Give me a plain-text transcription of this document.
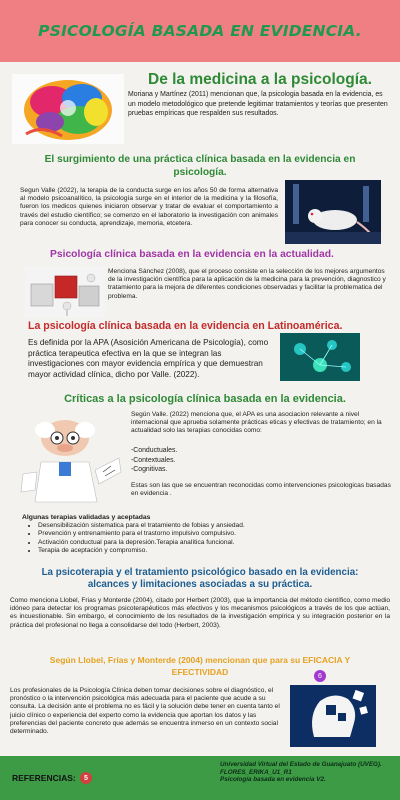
PSICOLOGÍA BASADA EN EVIDENCIA.
De la medicina a la psicología.
Moriana y Martínez (2011) mencionan que, la psicologia basada en la evidencia, es un modelo metodológico que pretende legitimar tratamientos y teorías que presenten pruebas empíricas que respalden sus resultados.
El surgimiento de una práctica clínica basada en la evidencia en psicología.
Segun Valle (2022), la terapia de la conducta surge en los años 50 de forma alternativa al modelo psicoanalítico, la psicología surge en el interior de la medicina y la filosofía, fueron los medicos quienes iniciaron observar y tratar de evaluar el comportamiento a través del estudio científico; se comenzo en el laboratorio la investigación con animales para conocer su conducta, aprendizaje, memoria, etcetera.
Psicología clínica basada en la evidencia en la actualidad.
Menciona Sánchez (2008), que el proceso consiste en la selección de los mejores argumentos de la investigación científica para la aplicación de la medicina para la prevención, diagnostico y tratamiento para la mejora de diferentes condiciones observadas y facilitar la problematica del problema.
La psicología clínica basada en la evidencia en Latinoamérica.
Es definida por la APA (Asosición Americana de Psicología), como práctica terapeutica efectiva en la que se integran las investigaciones con mayor evidencia empírica y que demuestran mayor actividad clínica, dicho por Valle. (2022).
Críticas a la psicología clínica basada en la evidencia.
Según Valle. (2022) menciona que, el APA es una asociacion relevante a nivel internacional que aprueba solamente prácticas eticas y efectivas de tratamiento; en la actualidad solo las terapias conocidas como:
-Conductuales.
-Contextuales.
-Cognitivas.
Estas son las que se encuentran reconocidas como intervenciones psicologicas basadas en evidencia .
Algunas terapias validadas y aceptadas
• Desensibilización sistematica para el tratamiento de fobias y ansiedad.
• Prevención y entrenamiento para el trastorno impulsivo compulsivo.
• Activación conductual para la depresión.Terapia analítica funcional.
• Terapia de aceptación y compromiso.
La psicoterapia y el tratamiento psicológico basado en la evidencia: alcances y limitaciones asociadas a su práctica.
Como menciona Llobel, Frias y Monterde (2004), citado por Herbert (2003), que la importancia del método científico, como medio idóneo para detectar los programas psicoterapéuticos más efectivos y los mecanismos psicológicos a través de los que actúan, es incuestionable. Sin embargo, el conocimiento de los resultados de la investigación empírica y su integración posterior en la práctica del profesional no llega a consolidarse del todo (Herbert, 2003).
Según Llobel, Frías y Monterde (2004) mencionan que para su EFICACIA Y EFECTIVIDAD	6
Los profesionales de la Psicología Clínica deben tomar decisiones sobre el diagnóstico, el pronóstico o la intervención psicológica más adecuada para el paciente que acude a su consulta. La decisión ante el problema no es fácil y la solución debe tener en cuenta tanto el juicio clínico o experiencia del experto como la evidencia que aportan los datos y las preferencias del paciente concreto que además se encuentra inmerso en un contexto social determinado.
REFERENCIAS:	5
Universidad Virtual del Estado de Guanajuato (UVEG).
FLORES_ERIKA_U1_R1
Psicología basada en evidencia V2.
